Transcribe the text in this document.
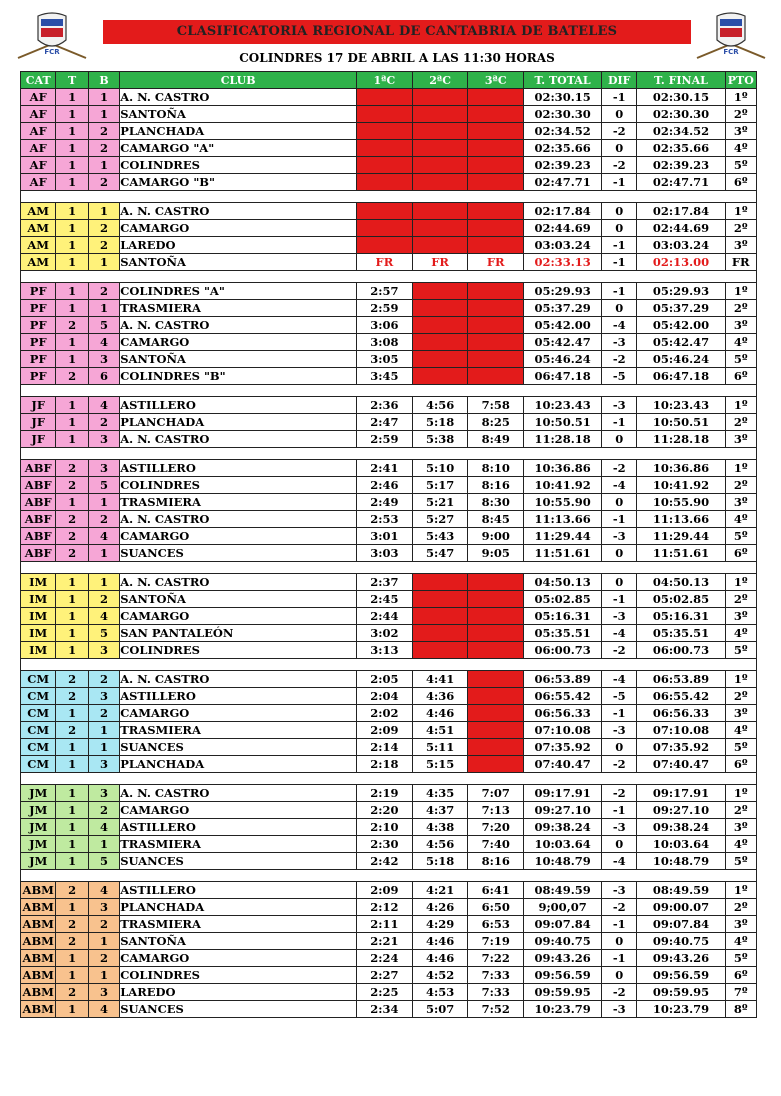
FCR	FCR
CLASIFICATORIA REGIONAL DE CANTABRIA DE BATELES
COLINDRES 17 DE ABRIL A LAS 11:30 HORAS
CAT	T	B	CLUB	1ªC	2ªC	3ªC	T. TOTAL	DIF	T. FINAL	PTO
AF	1	1	A. N. CASTRO				02:30.15	-1	02:30.15	1º
AF	1	1	SANTOÑA				02:30.30	0	02:30.30	2º
AF	1	2	PLANCHADA				02:34.52	-2	02:34.52	3º
AF	1	2	CAMARGO "A"				02:35.66	0	02:35.66	4º
AF	1	1	COLINDRES				02:39.23	-2	02:39.23	5º
AF	1	2	CAMARGO "B"				02:47.71	-1	02:47.71	6º

AM	1	1	A. N. CASTRO				02:17.84	0	02:17.84	1º
AM	1	2	CAMARGO				02:44.69	0	02:44.69	2º
AM	1	2	LAREDO				03:03.24	-1	03:03.24	3º
AM	1	1	SANTOÑA	FR	FR	FR	02:33.13	-1	02:13.00	FR

PF	1	2	COLINDRES "A"	2:57			05:29.93	-1	05:29.93	1º
PF	1	1	TRASMIERA	2:59			05:37.29	0	05:37.29	2º
PF	2	5	A. N. CASTRO	3:06			05:42.00	-4	05:42.00	3º
PF	1	4	CAMARGO	3:08			05:42.47	-3	05:42.47	4º
PF	1	3	SANTOÑA	3:05			05:46.24	-2	05:46.24	5º
PF	2	6	COLINDRES "B"	3:45			06:47.18	-5	06:47.18	6º

JF	1	4	ASTILLERO	2:36	4:56	7:58	10:23.43	-3	10:23.43	1º
JF	1	2	PLANCHADA	2:47	5:18	8:25	10:50.51	-1	10:50.51	2º
JF	1	3	A. N. CASTRO	2:59	5:38	8:49	11:28.18	0	11:28.18	3º

ABF	2	3	ASTILLERO	2:41	5:10	8:10	10:36.86	-2	10:36.86	1º
ABF	2	5	COLINDRES	2:46	5:17	8:16	10:41.92	-4	10:41.92	2º
ABF	1	1	TRASMIERA	2:49	5:21	8:30	10:55.90	0	10:55.90	3º
ABF	2	2	A. N. CASTRO	2:53	5:27	8:45	11:13.66	-1	11:13.66	4º
ABF	2	4	CAMARGO	3:01	5:43	9:00	11:29.44	-3	11:29.44	5º
ABF	2	1	SUANCES	3:03	5:47	9:05	11:51.61	0	11:51.61	6º

IM	1	1	A. N. CASTRO	2:37			04:50.13	0	04:50.13	1º
IM	1	2	SANTOÑA	2:45			05:02.85	-1	05:02.85	2º
IM	1	4	CAMARGO	2:44			05:16.31	-3	05:16.31	3º
IM	1	5	SAN PANTALEÓN	3:02			05:35.51	-4	05:35.51	4º
IM	1	3	COLINDRES	3:13			06:00.73	-2	06:00.73	5º

CM	2	2	A. N. CASTRO	2:05	4:41		06:53.89	-4	06:53.89	1º
CM	2	3	ASTILLERO	2:04	4:36		06:55.42	-5	06:55.42	2º
CM	1	2	CAMARGO	2:02	4:46		06:56.33	-1	06:56.33	3º
CM	2	1	TRASMIERA	2:09	4:51		07:10.08	-3	07:10.08	4º
CM	1	1	SUANCES	2:14	5:11		07:35.92	0	07:35.92	5º
CM	1	3	PLANCHADA	2:18	5:15		07:40.47	-2	07:40.47	6º

JM	1	3	A. N. CASTRO	2:19	4:35	7:07	09:17.91	-2	09:17.91	1º
JM	1	2	CAMARGO	2:20	4:37	7:13	09:27.10	-1	09:27.10	2º
JM	1	4	ASTILLERO	2:10	4:38	7:20	09:38.24	-3	09:38.24	3º
JM	1	1	TRASMIERA	2:30	4:56	7:40	10:03.64	0	10:03.64	4º
JM	1	5	SUANCES	2:42	5:18	8:16	10:48.79	-4	10:48.79	5º

ABM	2	4	ASTILLERO	2:09	4:21	6:41	08:49.59	-3	08:49.59	1º
ABM	1	3	PLANCHADA	2:12	4:26	6:50	9;00,07	-2	09:00.07	2º
ABM	2	2	TRASMIERA	2:11	4:29	6:53	09:07.84	-1	09:07.84	3º
ABM	2	1	SANTOÑA	2:21	4:46	7:19	09:40.75	0	09:40.75	4º
ABM	1	2	CAMARGO	2:24	4:46	7:22	09:43.26	-1	09:43.26	5º
ABM	1	1	COLINDRES	2:27	4:52	7:33	09:56.59	0	09:56.59	6º
ABM	2	3	LAREDO	2:25	4:53	7:33	09:59.95	-2	09:59.95	7º
ABM	1	4	SUANCES	2:34	5:07	7:52	10:23.79	-3	10:23.79	8º
